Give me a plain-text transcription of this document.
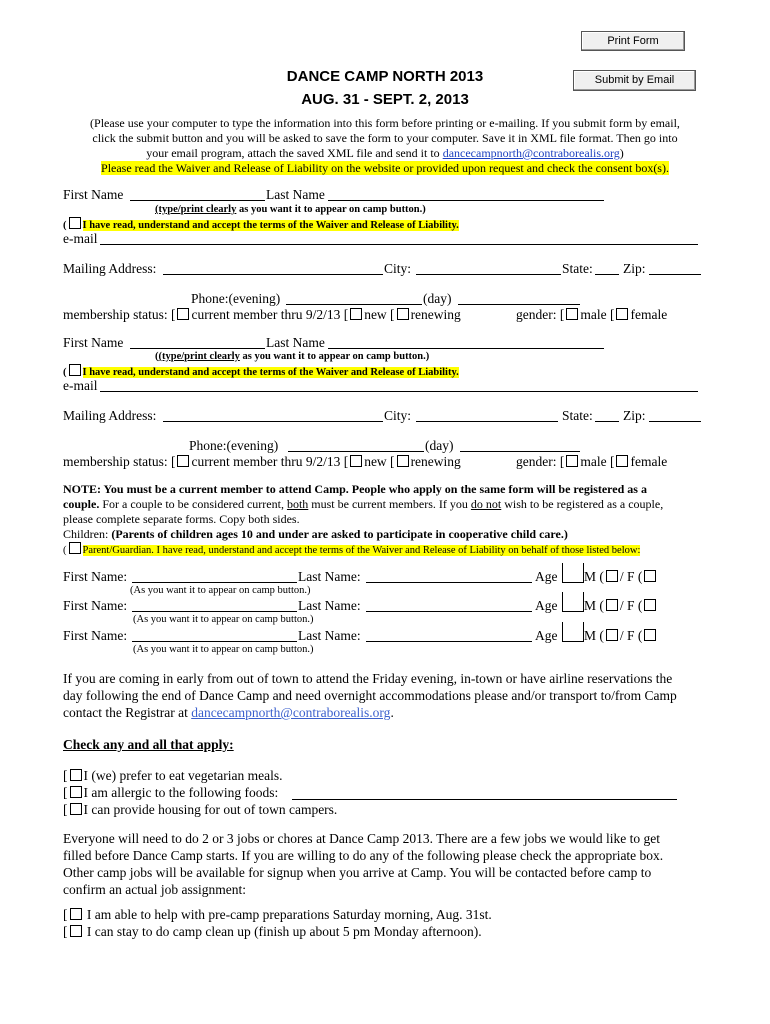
Print Form
Submit by Email
DANCE CAMP NORTH 2013
AUG. 31 - SEPT. 2, 2013
(Please use your computer to type the information into this form before printing or e-mailing. If you submit form by email,
click the submit button and you will be asked to save the form to your computer. Save it in XML file format. Then go into
your email program, attach the saved XML file and send it to dancecampnorth@contraborealis.org)
Please read the Waiver and Release of Liability on the website or provided upon request and check the consent box(s).
First Name	Last Name
(type/print clearly as you want it to appear on camp button.)
( I have read, understand and accept the terms of the Waiver and Release of Liability.
e-mail
Mailing Address:	City:	State: Zip:
Phone:(evening)	(day)
membership status: [ current member thru 9/2/13 [ new [ renewing	gender: [ male [ female
First Name	Last Name
((type/print clearly as you want it to appear on camp button.)
( I have read, understand and accept the terms of the Waiver and Release of Liability.
e-mail
Mailing Address:	City:	State: Zip:
Phone:(evening)	(day)
membership status: [ current member thru 9/2/13 [ new [ renewing	gender: [ male [ female
NOTE: You must be a current member to attend Camp. People who apply on the same form will be registered as a
couple. For a couple to be considered current, both must be current members. If you do not wish to be registered as a couple,
please complete separate forms. Copy both sides.
Children: (Parents of children ages 10 and under are asked to participate in cooperative child care.)
( Parent/Guardian. I have read, understand and accept the terms of the Waiver and Release of Liability on behalf of those listed below:
First Name:	Last Name:	Age M ( / F (
(As you want it to appear on camp button.)
First Name:	Last Name:	Age M ( / F (
(As you want it to appear on camp button.)
First Name:	Last Name:	Age M ( / F (
(As you want it to appear on camp button.)
If you are coming in early from out of town to attend the Friday evening, in-town or have airline reservations the
day following the end of Dance Camp and need overnight accommodations please and/or transport to/from Camp
contact the Registrar at dancecampnorth@contraborealis.org.
Check any and all that apply:
[ I (we) prefer to eat vegetarian meals.
[ I am allergic to the following foods:
[ I can provide housing for out of town campers.
Everyone will need to do 2 or 3 jobs or chores at Dance Camp 2013. There are a few jobs we would like to get
filled before Dance Camp starts. If you are willing to do any of the following please check the appropriate box.
Other camp jobs will be available for signup when you arrive at Camp. You will be contacted before camp to
confirm an actual job assignment:
[ I am able to help with pre-camp preparations Saturday morning, Aug. 31st.
[ I can stay to do camp clean up (finish up about 5 pm Monday afternoon).
